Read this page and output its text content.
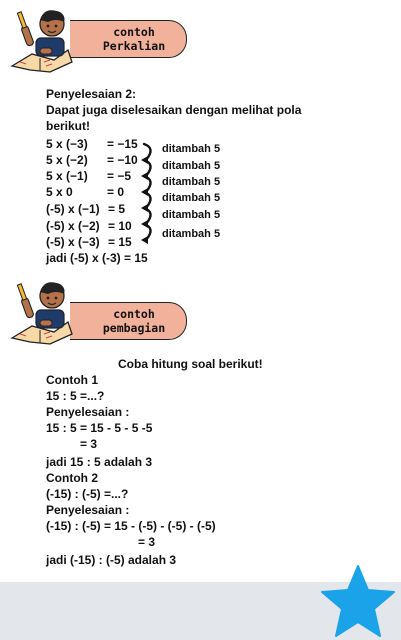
contoh
Perkalian
Penyelesaian 2:
Dapat juga diselesaikan dengan melihat pola
berikut!
5 x (−3) = −15
5 x (−2) = −10
5 x (−1) = −5
5 x 0	= 0
(-5) x (−1) = 5
(-5) x (−2) = 10
(-5) x (−3) = 15
ditambah 5
ditambah 5
ditambah 5
ditambah 5
ditambah 5
ditambah 5
jadi (-5) x (-3) = 15
contoh
pembagian
Coba hitung soal berikut!
Contoh 1
15 : 5 =...?
Penyelesaian :
15 : 5 = 15 - 5 - 5 -5
= 3
jadi 15 : 5 adalah 3
Contoh 2
(-15) : (-5) =...?
Penyelesaian :
(-15) : (-5) = 15 - (-5) - (-5) - (-5)
= 3
jadi (-15) : (-5) adalah 3
